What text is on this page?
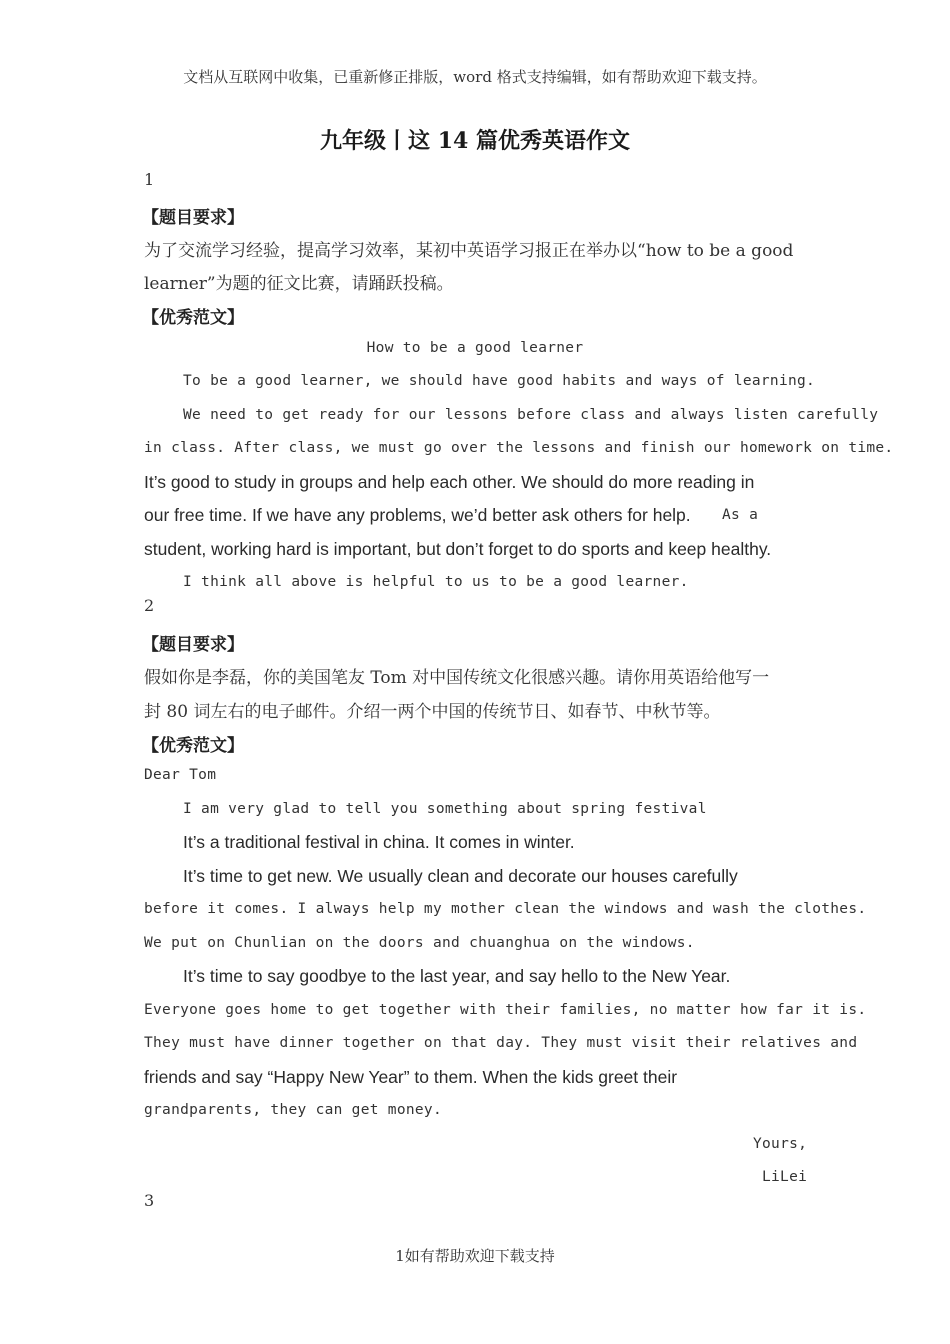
文档从互联网中收集，已重新修正排版，word 格式支持编辑，如有帮助欢迎下载支持。
九年级丨这 14 篇优秀英语作文
1
【题目要求】
为了交流学习经验，提高学习效率，某初中英语学习报正在举办以“how to be a good
learner”为题的征文比赛，请踊跃投稿。
【优秀范文】
How to be a good learner
To be a good learner, we should have good habits and ways of learning.
We need to get ready for our lessons before class and always listen carefully
in class. After class, we must go over the lessons and finish our homework on time.
It’s good to study in groups and help each other. We should do more reading in
our free time. If we have any problems, we’d better ask others for help. As a
student, working hard is important, but don’t forget to do sports and keep healthy.
I think all above is helpful to us to be a good learner.
2
【题目要求】
假如你是李磊，你的美国笔友 Tom 对中国传统文化很感兴趣。请你用英语给他写一
封 80 词左右的电子邮件。介绍一两个中国的传统节日、如春节、中秋节等。
【优秀范文】
Dear Tom
I am very glad to tell you something about spring festival
It’s a traditional festival in china. It comes in winter.
It’s time to get new. We usually clean and decorate our houses carefully
before it comes. I always help my mother clean the windows and wash the clothes.
We put on Chunlian on the doors and chuanghua on the windows.
It’s time to say goodbye to the last year, and say hello to the New Year.
Everyone goes home to get together with their families, no matter how far it is.
They must have dinner together on that day. They must visit their relatives and
friends and say “Happy New Year” to them. When the kids greet their
grandparents, they can get money.
Yours,
LiLei
3
1如有帮助欢迎下载支持
